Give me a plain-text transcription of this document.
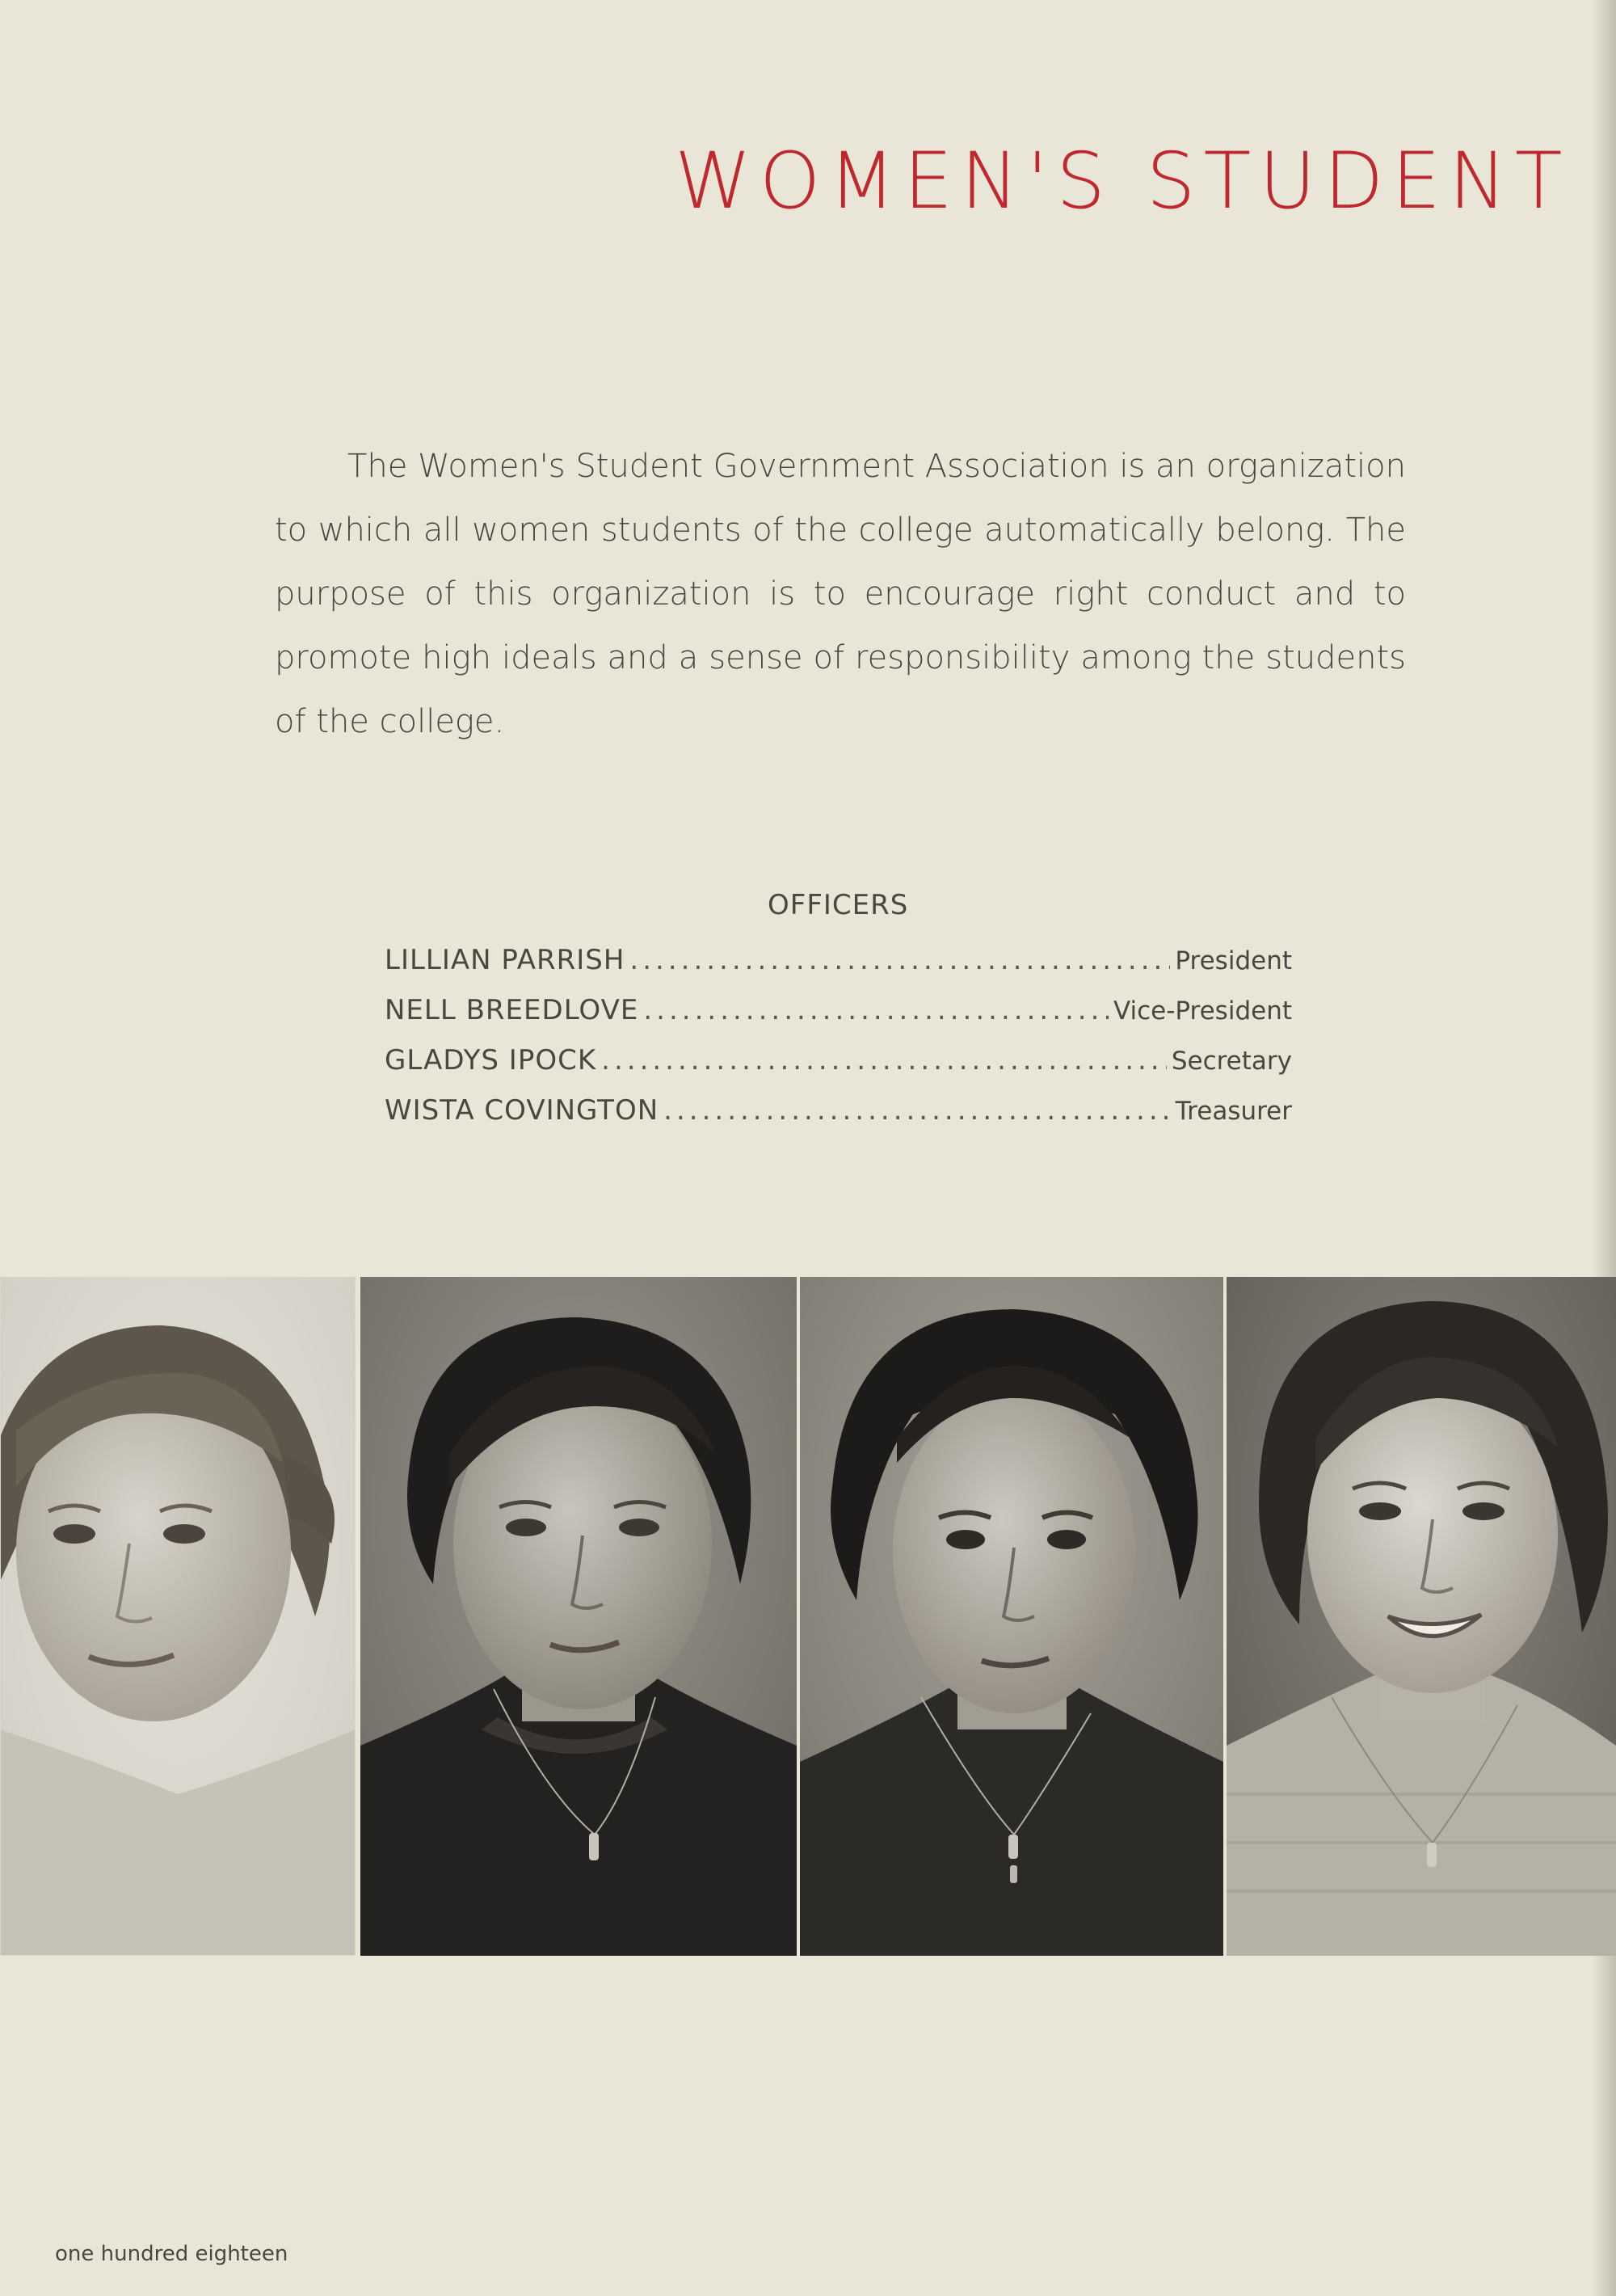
WOMEN'S STUDENT
The Women's Student Government Association is an organization to which all women students of the college automatically belong. The purpose of this organization is to encourage right conduct and to promote high ideals and a sense of responsibility among the students of the college.
OFFICERS
LILLIAN PARRISH .....	President
NELL BREEDLOVE .....	Vice-President
GLADYS IPOCK .....	Secretary
WISTA COVINGTON .....	Treasurer
one hundred eighteen
